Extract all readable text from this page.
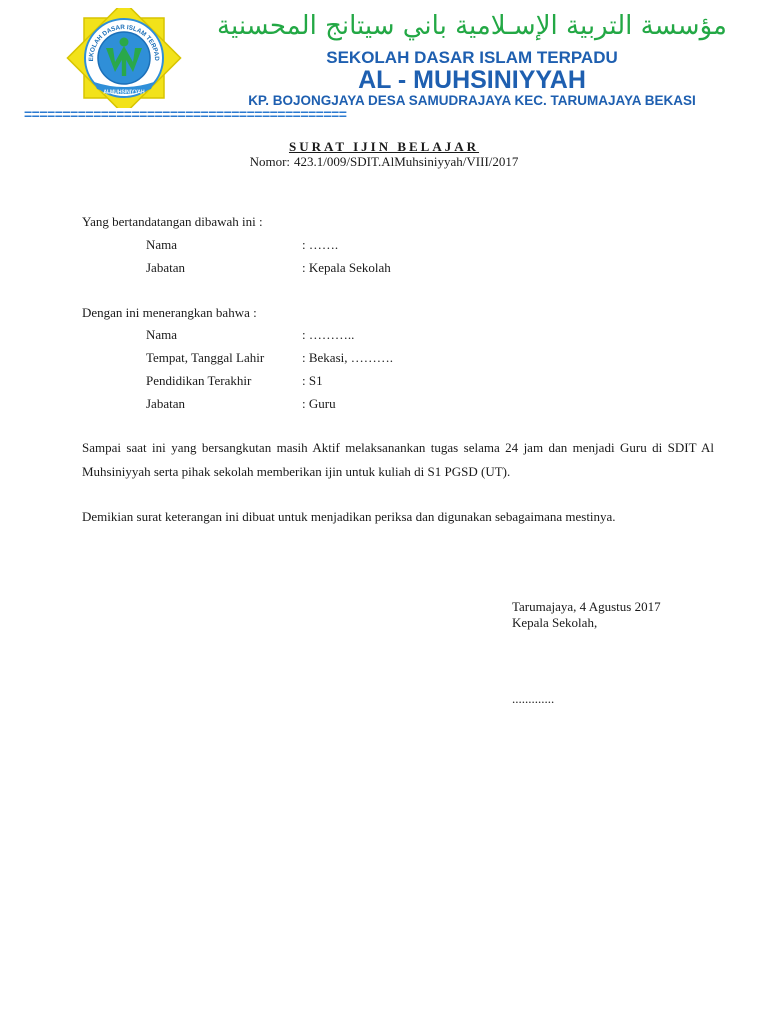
EKOLAH DASAR ISLAM TERPAD
ALMUHSINIYYAH
مؤسسة التربية الإسـلامية باني سيتانج المحسنية
SEKOLAH DASAR ISLAM TERPADU
AL - MUHSINIYYAH
KP. BOJONGJAYA DESA SAMUDRAJAYA KEC. TARUMAJAYA BEKASI
==========================================
SURAT IJIN BELAJAR
Nomor: 423.1/009/SDIT.AlMuhsiniyyah/VIII/2017
Yang bertandatangan dibawah ini :
Nama	: …….
Jabatan	: Kepala Sekolah
Dengan ini menerangkan bahwa :
Nama	: ………..
Tempat, Tanggal Lahir	: Bekasi, ……….
Pendidikan Terakhir	: S1
Jabatan	: Guru
Sampai saat ini yang bersangkutan masih Aktif melaksanankan tugas selama 24 jam dan menjadi Guru di SDIT Al Muhsiniyyah serta pihak sekolah memberikan ijin untuk kuliah di S1 PGSD (UT).
Demikian surat keterangan ini dibuat untuk menjadikan periksa dan digunakan sebagaimana mestinya.
Tarumajaya, 4 Agustus 2017
Kepala Sekolah,
.............
